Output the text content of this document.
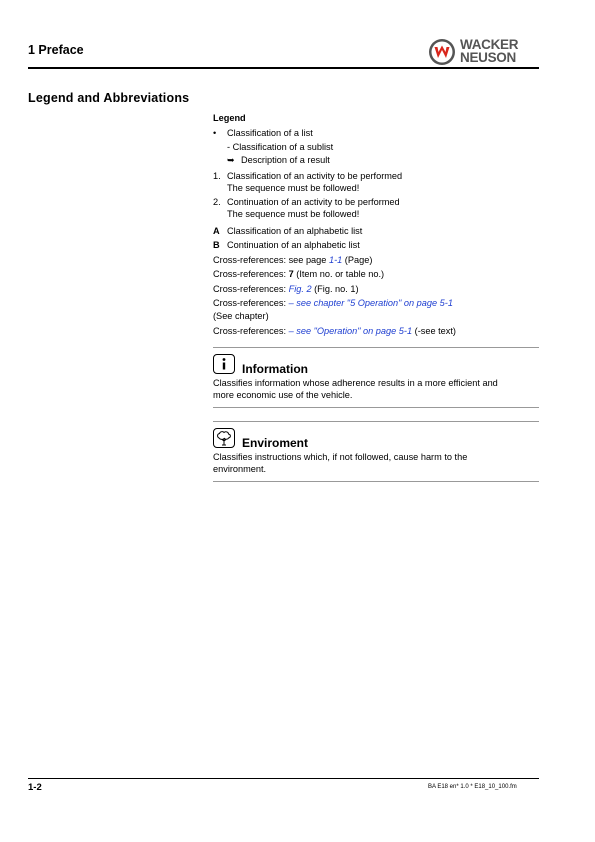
1 Preface	WACKER
NEUSON
Legend and Abbreviations
Legend
• Classification of a list
- Classification of a sublist
➥ Description of a result
1. Classification of an activity to be performed
The sequence must be followed!
2. Continuation of an activity to be performed
The sequence must be followed!
A Classification of an alphabetic list
B Continuation of an alphabetic list
Cross-references: see page 1-1 (Page)
Cross-references: 7 (Item no. or table no.)
Cross-references: Fig. 2 (Fig. no. 1)
Cross-references: – see chapter "5 Operation" on page 5-1
(See chapter)
Cross-references: – see "Operation" on page 5-1 (-see text)
Information
Classifies information whose adherence results in a more efficient and
more economic use of the vehicle.
Enviroment
Classifies instructions which, if not followed, cause harm to the
environment.
1-2	BA E18 en* 1.0 * E18_10_100.fm
